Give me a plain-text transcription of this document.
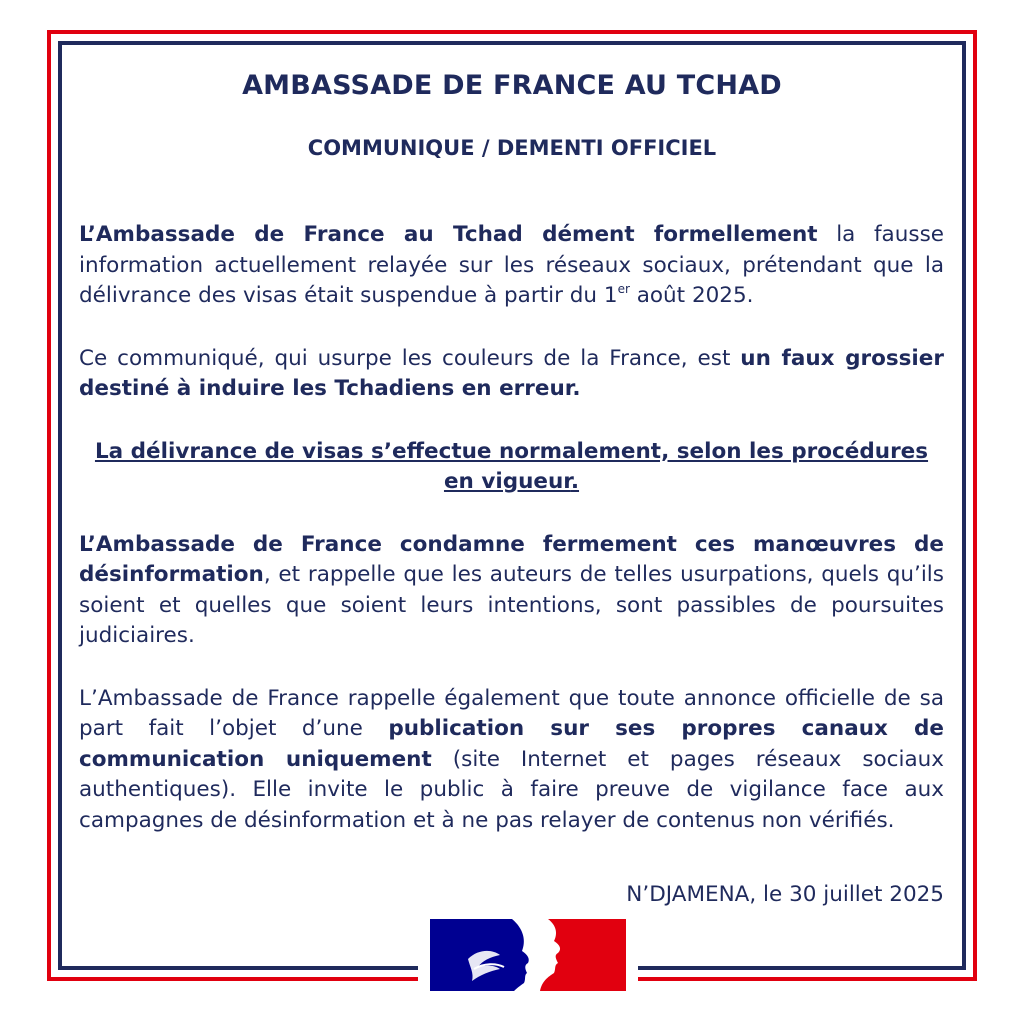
AMBASSADE DE FRANCE AU TCHAD
COMMUNIQUE / DEMENTI OFFICIEL

L’Ambassade de France au Tchad dément formellement la fausse information actuellement relayée sur les réseaux sociaux, prétendant que la délivrance des visas était suspendue à partir du 1er août 2025.

Ce communiqué, qui usurpe les couleurs de la France, est un faux grossier destiné à induire les Tchadiens en erreur.

La délivrance de visas s’effectue normalement, selon les procédures en vigueur.

L’Ambassade de France condamne fermement ces manœuvres de désinformation, et rappelle que les auteurs de telles usurpations, quels qu’ils soient et quelles que soient leurs intentions, sont passibles de poursuites judiciaires.

L’Ambassade de France rappelle également que toute annonce officielle de sa part fait l’objet d’une publication sur ses propres canaux de communication uniquement (site Internet et pages réseaux sociaux authentiques). Elle invite le public à faire preuve de vigilance face aux campagnes de désinformation et à ne pas relayer de contenus non vérifiés.

N’DJAMENA, le 30 juillet 2025
